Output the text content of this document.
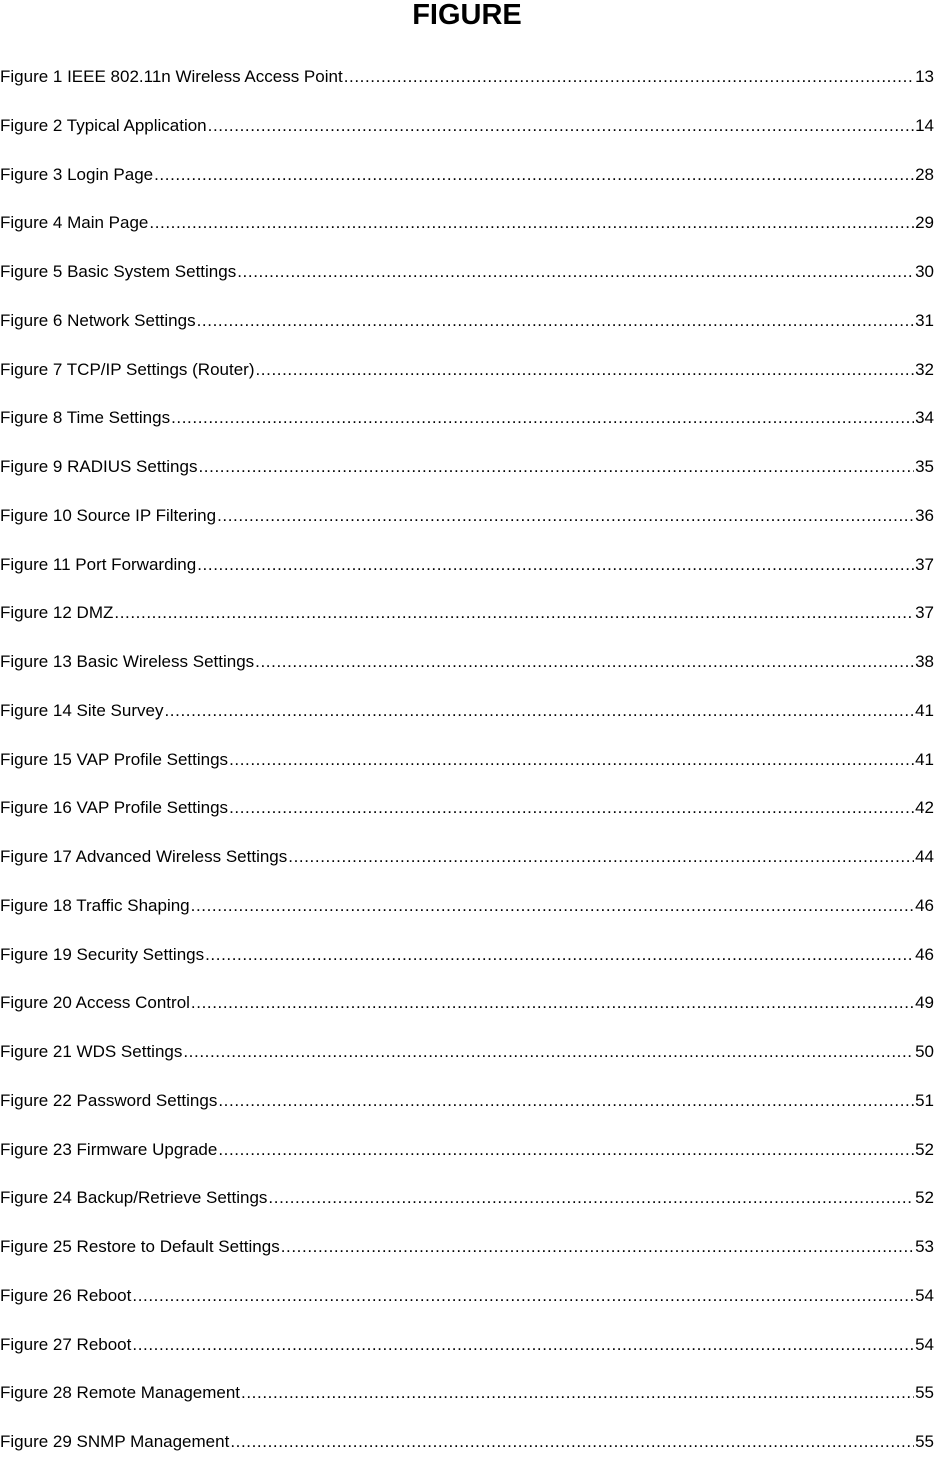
FIGURE
Figure 1 IEEE 802.11n Wireless Access Point .....	13
Figure 2 Typical Application .....	14
Figure 3 Login Page .....	28
Figure 4 Main Page .....	29
Figure 5 Basic System Settings .....	30
Figure 6 Network Settings .....	31
Figure 7 TCP/IP Settings (Router) .....	32
Figure 8 Time Settings .....	34
Figure 9 RADIUS Settings .....	35
Figure 10 Source IP Filtering .....	36
Figure 11 Port Forwarding .....	37
Figure 12 DMZ .....	37
Figure 13 Basic Wireless Settings .....	38
Figure 14 Site Survey .....	41
Figure 15 VAP Profile Settings .....	41
Figure 16 VAP Profile Settings .....	42
Figure 17 Advanced Wireless Settings .....	44
Figure 18 Traffic Shaping .....	46
Figure 19 Security Settings .....	46
Figure 20 Access Control .....	49
Figure 21 WDS Settings .....	50
Figure 22 Password Settings .....	51
Figure 23 Firmware Upgrade .....	52
Figure 24 Backup/Retrieve Settings .....	52
Figure 25 Restore to Default Settings .....	53
Figure 26 Reboot .....	54
Figure 27 Reboot .....	54
Figure 28 Remote Management .....	55
Figure 29 SNMP Management .....	55
